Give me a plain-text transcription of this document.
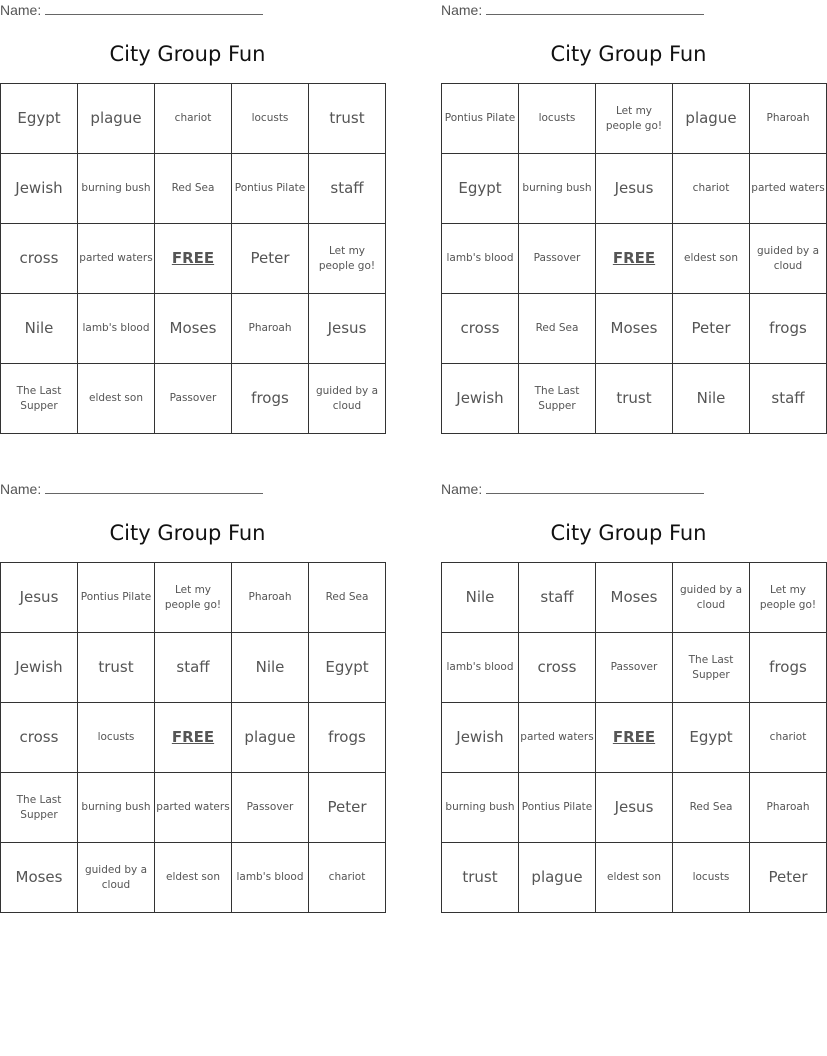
Name:
City Group Fun
Egypt	plague	chariot	locusts	trust
Jewish	burning bush	Red Sea	Pontius Pilate	staff
cross	parted waters	FREE	Peter	Let my people go!
Nile	lamb's blood	Moses	Pharoah	Jesus
The Last Supper	eldest son	Passover	frogs	guided by a cloud
Name:
City Group Fun
Pontius Pilate	locusts	Let my people go!	plague	Pharoah
Egypt	burning bush	Jesus	chariot	parted waters
lamb's blood	Passover	FREE	eldest son	guided by a cloud
cross	Red Sea	Moses	Peter	frogs
Jewish	The Last Supper	trust	Nile	staff
Name:
City Group Fun
Jesus	Pontius Pilate	Let my people go!	Pharoah	Red Sea
Jewish	trust	staff	Nile	Egypt
cross	locusts	FREE	plague	frogs
The Last Supper	burning bush	parted waters	Passover	Peter
Moses	guided by a cloud	eldest son	lamb's blood	chariot
Name:
City Group Fun
Nile	staff	Moses	guided by a cloud	Let my people go!
lamb's blood	cross	Passover	The Last Supper	frogs
Jewish	parted waters	FREE	Egypt	chariot
burning bush	Pontius Pilate	Jesus	Red Sea	Pharoah
trust	plague	eldest son	locusts	Peter
